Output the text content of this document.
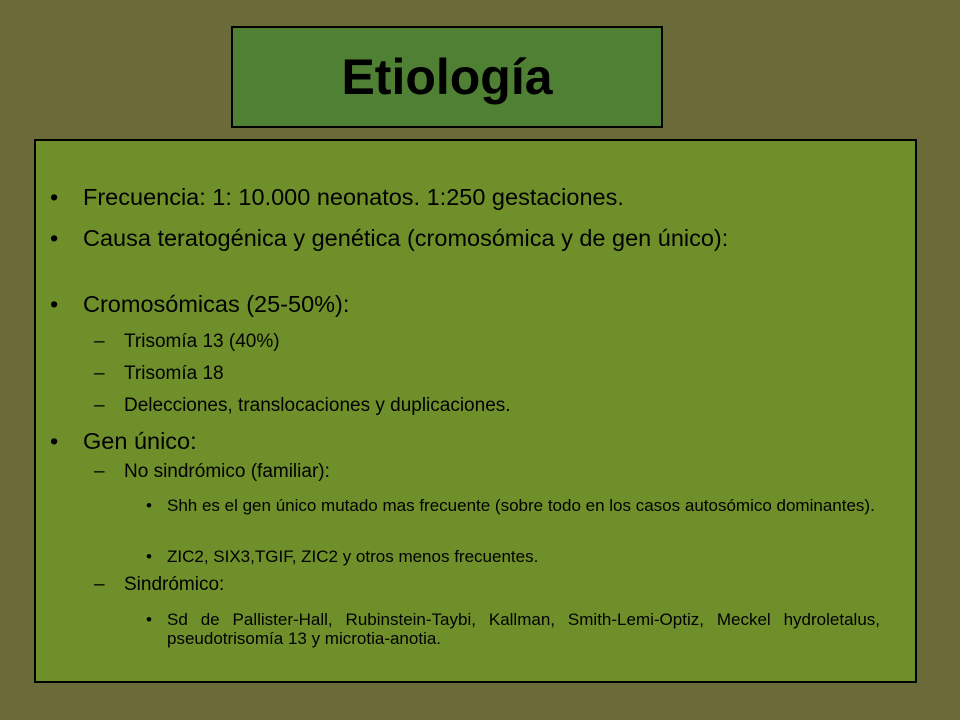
Etiología
• Frecuencia: 1: 10.000 neonatos. 1:250 gestaciones.
• Causa teratogénica y genética (cromosómica y de gen único):
• Cromosómicas (25-50%):
– Trisomía 13 (40%)
– Trisomía 18
– Delecciones, translocaciones y duplicaciones.
• Gen único:
– No sindrómico (familiar):
• Shh es el gen único mutado mas frecuente (sobre todo en los casos autosómico dominantes).
• ZIC2, SIX3,TGIF, ZIC2 y otros menos frecuentes.
– Sindrómico:
• Sd de Pallister-Hall, Rubinstein-Taybi, Kallman, Smith-Lemi-Optiz, Meckel hydroletalus, pseudotrisomía 13 y microtia-anotia.
